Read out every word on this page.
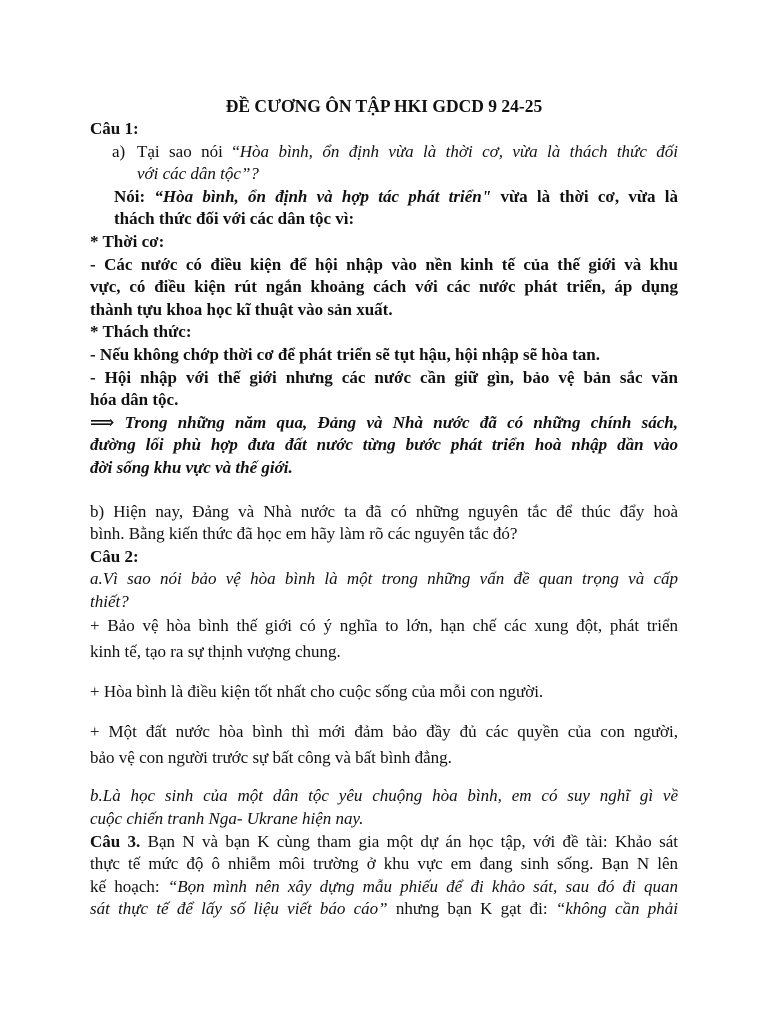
ĐỀ CƯƠNG ÔN TẬP HKI GDCD 9 24-25
Câu 1:
a) Tại sao nói “Hòa bình, ổn định vừa là thời cơ, vừa là thách thức đối
với các dân tộc”?
Nói: “Hòa bình, ổn định và hợp tác phát triển" vừa là thời cơ, vừa là
thách thức đối với các dân tộc vì:
* Thời cơ:
- Các nước có điều kiện để hội nhập vào nền kinh tế của thế giới và khu
vực, có điều kiện rút ngắn khoảng cách với các nước phát triển, áp dụng
thành tựu khoa học kĩ thuật vào sản xuất.
* Thách thức:
- Nếu không chớp thời cơ để phát triển sẽ tụt hậu, hội nhập sẽ hòa tan.
- Hội nhập với thế giới nhưng các nước cần giữ gìn, bảo vệ bản sắc văn
hóa dân tộc.
⟹ Trong những năm qua, Đảng và Nhà nước đã có những chính sách,
đường lối phù hợp đưa đất nước từng bước phát triển hoà nhập dần vào
đời sống khu vực và thế giới.
b) Hiện nay, Đảng và Nhà nước ta đã có những nguyên tắc để thúc đẩy hoà
bình. Bằng kiến thức đã học em hãy làm rõ các nguyên tắc đó?
Câu 2:
a.Vì sao nói bảo vệ hòa bình là một trong những vấn đề quan trọng và cấp
thiết?
+ Bảo vệ hòa bình thế giới có ý nghĩa to lớn, hạn chế các xung đột, phát triển
kinh tế, tạo ra sự thịnh vượng chung.
+ Hòa bình là điều kiện tốt nhất cho cuộc sống của mỗi con người.
+ Một đất nước hòa bình thì mới đảm bảo đầy đủ các quyền của con người,
bảo vệ con người trước sự bất công và bất bình đẳng.
b.Là học sinh của một dân tộc yêu chuộng hòa bình, em có suy nghĩ gì về
cuộc chiến tranh Nga- Ukrane hiện nay.
Câu 3. Bạn N và bạn K cùng tham gia một dự án học tập, với đề tài: Khảo sát
thực tế mức độ ô nhiễm môi trường ở khu vực em đang sinh sống. Bạn N lên
kế hoạch: “Bọn mình nên xây dựng mẫu phiếu để đi khảo sát, sau đó đi quan
sát thực tế để lấy số liệu viết báo cáo” nhưng bạn K gạt đi: “không cần phải
